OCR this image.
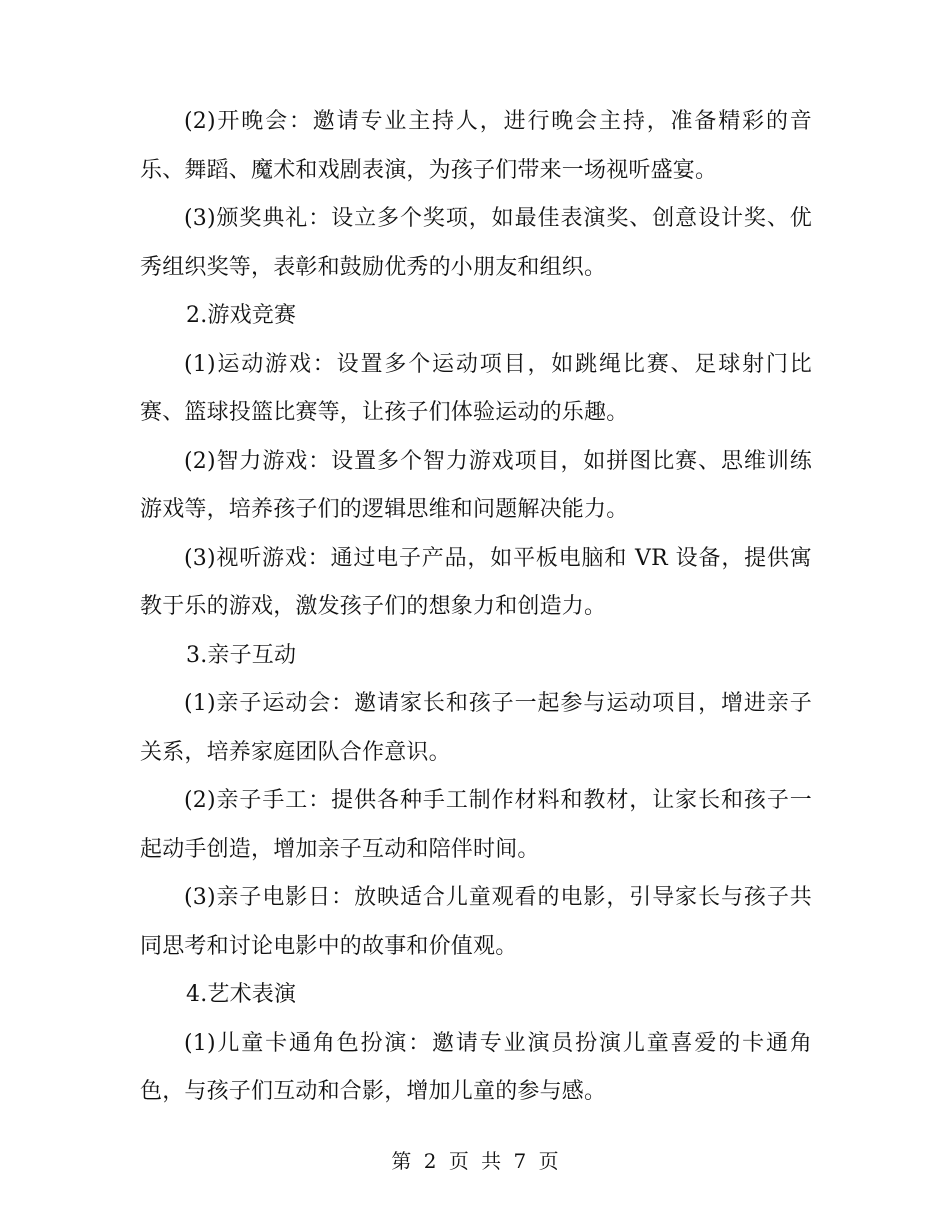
(2)开晚会：邀请专业主持人，进行晚会主持，准备精彩的音乐、舞蹈、魔术和戏剧表演，为孩子们带来一场视听盛宴。

(3)颁奖典礼：设立多个奖项，如最佳表演奖、创意设计奖、优秀组织奖等，表彰和鼓励优秀的小朋友和组织。

2.游戏竞赛

(1)运动游戏：设置多个运动项目，如跳绳比赛、足球射门比赛、篮球投篮比赛等，让孩子们体验运动的乐趣。

(2)智力游戏：设置多个智力游戏项目，如拼图比赛、思维训练游戏等，培养孩子们的逻辑思维和问题解决能力。

(3)视听游戏：通过电子产品，如平板电脑和 VR 设备，提供寓教于乐的游戏，激发孩子们的想象力和创造力。

3.亲子互动

(1)亲子运动会：邀请家长和孩子一起参与运动项目，增进亲子关系，培养家庭团队合作意识。

(2)亲子手工：提供各种手工制作材料和教材，让家长和孩子一起动手创造，增加亲子互动和陪伴时间。

(3)亲子电影日：放映适合儿童观看的电影，引导家长与孩子共同思考和讨论电影中的故事和价值观。

4.艺术表演

(1)儿童卡通角色扮演：邀请专业演员扮演儿童喜爱的卡通角色，与孩子们互动和合影，增加儿童的参与感。

第 2 页 共 7 页
